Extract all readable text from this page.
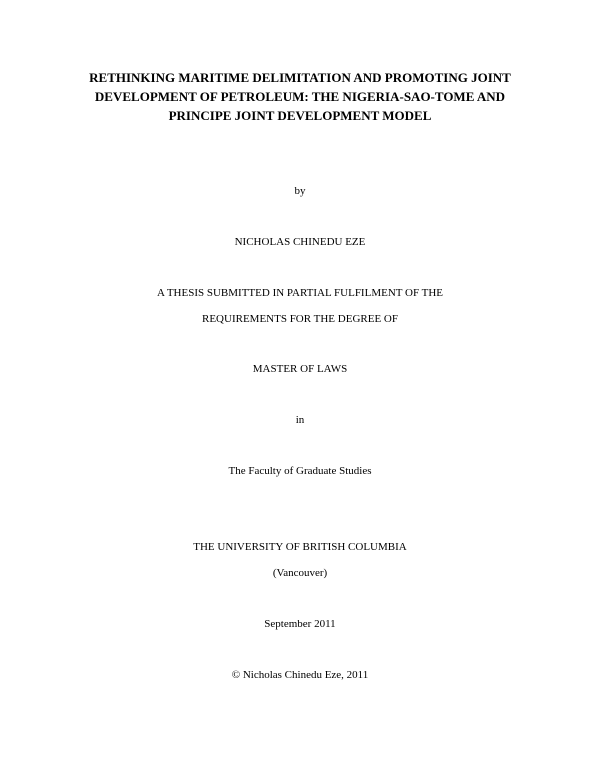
RETHINKING MARITIME DELIMITATION AND PROMOTING JOINT
DEVELOPMENT OF PETROLEUM: THE NIGERIA-SAO-TOME AND
PRINCIPE JOINT DEVELOPMENT MODEL
by
NICHOLAS CHINEDU EZE
A THESIS SUBMITTED IN PARTIAL FULFILMENT OF THE
REQUIREMENTS FOR THE DEGREE OF
MASTER OF LAWS
in
The Faculty of Graduate Studies
THE UNIVERSITY OF BRITISH COLUMBIA
(Vancouver)
September 2011
© Nicholas Chinedu Eze, 2011
